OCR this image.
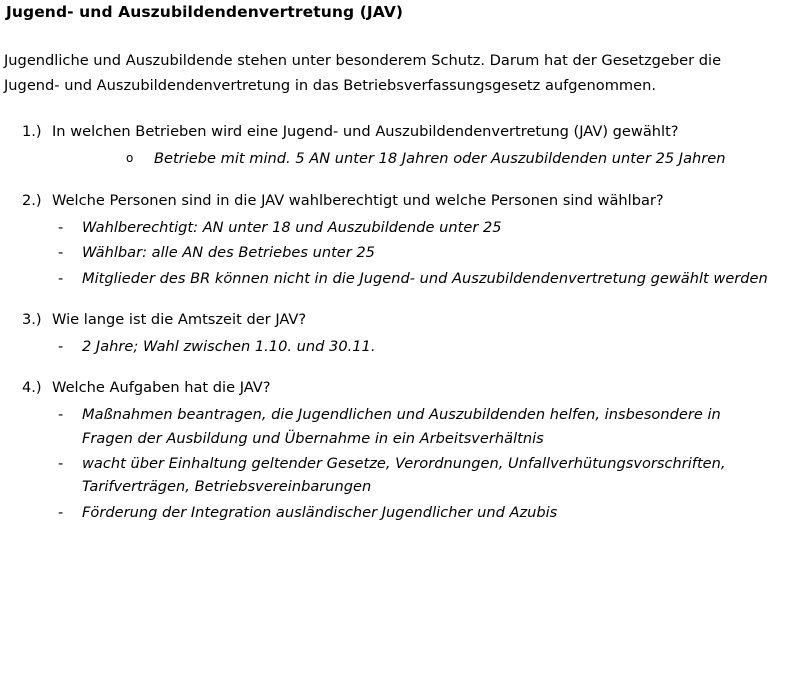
Jugend- und Auszubildendenvertretung (JAV)

Jugendliche und Auszubildende stehen unter besonderem Schutz. Darum hat der Gesetzgeber die Jugend- und Auszubildendenvertretung in das Betriebsverfassungsgesetz aufgenommen.

1.) In welchen Betrieben wird eine Jugend- und Auszubildendenvertretung (JAV) gewählt?
o	Betriebe mit mind. 5 AN unter 18 Jahren oder Auszubildenden unter 25 Jahren
2.) Welche Personen sind in die JAV wahlberechtigt und welche Personen sind wählbar?
-	Wahlberechtigt: AN unter 18 und Auszubildende unter 25
-	Wählbar: alle AN des Betriebes unter 25
-	Mitglieder des BR können nicht in die Jugend- und Auszubildendenvertretung gewählt werden
3.) Wie lange ist die Amtszeit der JAV?
-	2 Jahre; Wahl zwischen 1.10. und 30.11.
4.) Welche Aufgaben hat die JAV?
-	Maßnahmen beantragen, die Jugendlichen und Auszubildenden helfen, insbesondere in Fragen der Ausbildung und Übernahme in ein Arbeitsverhältnis
-	wacht über Einhaltung geltender Gesetze, Verordnungen, Unfallverhütungsvorschriften, Tarifverträgen, Betriebsvereinbarungen
-	Förderung der Integration ausländischer Jugendlicher und Azubis
